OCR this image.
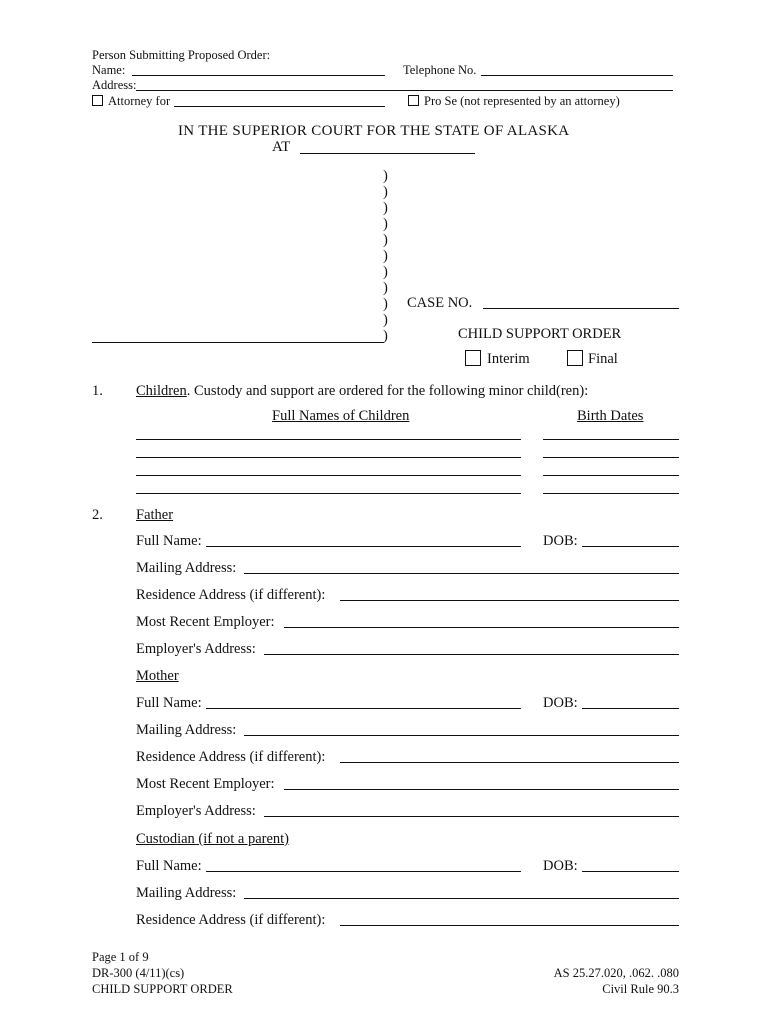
Person Submitting Proposed Order:
Name:	Telephone No.
Address:
Attorney for	Pro Se (not represented by an attorney)
IN THE SUPERIOR COURT FOR THE STATE OF ALASKA
AT
)
)
)
)
)
)
)
)
)
)
)
CASE NO.
CHILD SUPPORT ORDER
Interim	Final
1. Children. Custody and support are ordered for the following minor child(ren):
Full Names of Children	Birth Dates
2. Father
Full Name:	DOB:
Mailing Address:
Residence Address (if different):
Most Recent Employer:
Employer's Address:
Mother
Full Name:	DOB:
Mailing Address:
Residence Address (if different):
Most Recent Employer:
Employer's Address:
Custodian (if not a parent)
Full Name:	DOB:
Mailing Address:
Residence Address (if different):
Page 1 of 9
DR-300 (4/11)(cs)
CHILD SUPPORT ORDER
AS 25.27.020, .062. .080
Civil Rule 90.3
